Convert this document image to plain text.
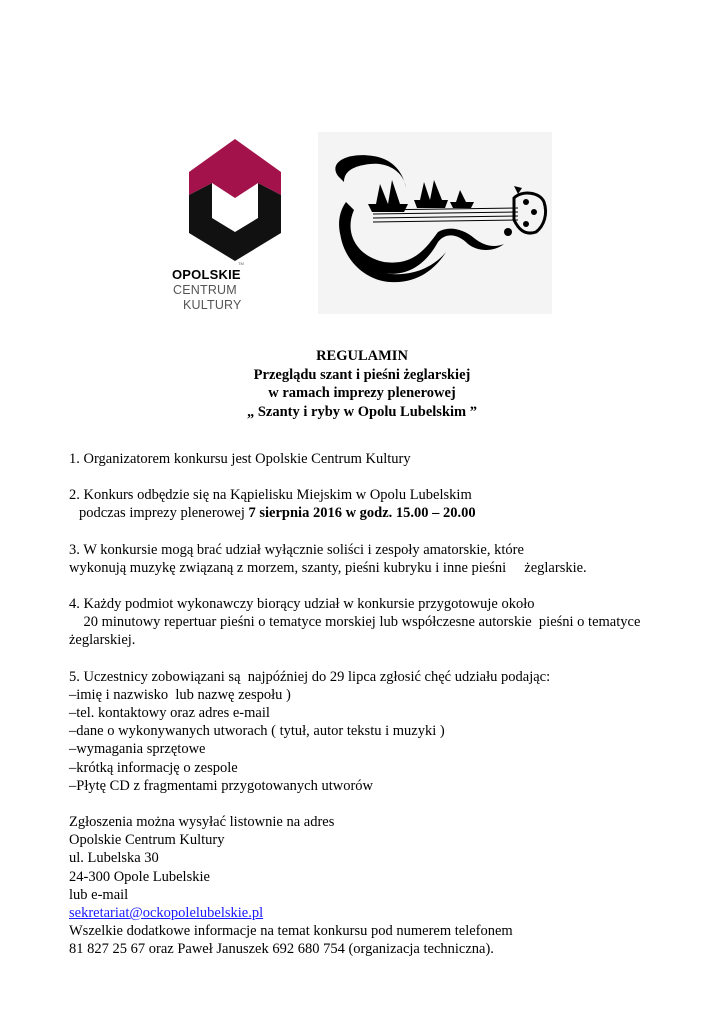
OPOLSKIE
TM
CENTRUM
KULTURY
REGULAMIN
Przeglądu szant i pieśni żeglarskiej
w ramach imprezy plenerowej
„ Szanty i ryby w Opolu Lubelskim ”

1. Organizatorem konkursu jest Opolskie Centrum Kultury

2. Konkurs odbędzie się na Kąpielisku Miejskim w Opolu Lubelskim

podczas imprezy plenerowej 7 sierpnia 2016 w godz. 15.00 – 20.00

3. W konkursie mogą brać udział wyłącznie soliści i zespoły amatorskie, które

wykonują muzykę związaną z morzem, szanty, pieśni kubryku i inne pieśni     żeglarskie.

4. Każdy podmiot wykonawczy biorący udział w konkursie przygotowuje około

20 minutowy repertuar pieśni o tematyce morskiej lub współczesne autorskie  pieśni o tematyce

żeglarskiej.

5. Uczestnicy zobowiązani są  najpóźniej do 29 lipca zgłosić chęć udziału podając:

–imię i nazwisko  lub nazwę zespołu )

–tel. kontaktowy oraz adres e-mail

–dane o wykonywanych utworach ( tytuł, autor tekstu i muzyki )

–wymagania sprzętowe

–krótką informację o zespole

–Płytę CD z fragmentami przygotowanych utworów

Zgłoszenia można wysyłać listownie na adres

Opolskie Centrum Kultury

ul. Lubelska 30

24-300 Opole Lubelskie

lub e-mail

sekretariat@ockopolelubelskie.pl

Wszelkie dodatkowe informacje na temat konkursu pod numerem telefonem

81 827 25 67 oraz Paweł Januszek 692 680 754 (organizacja techniczna).
